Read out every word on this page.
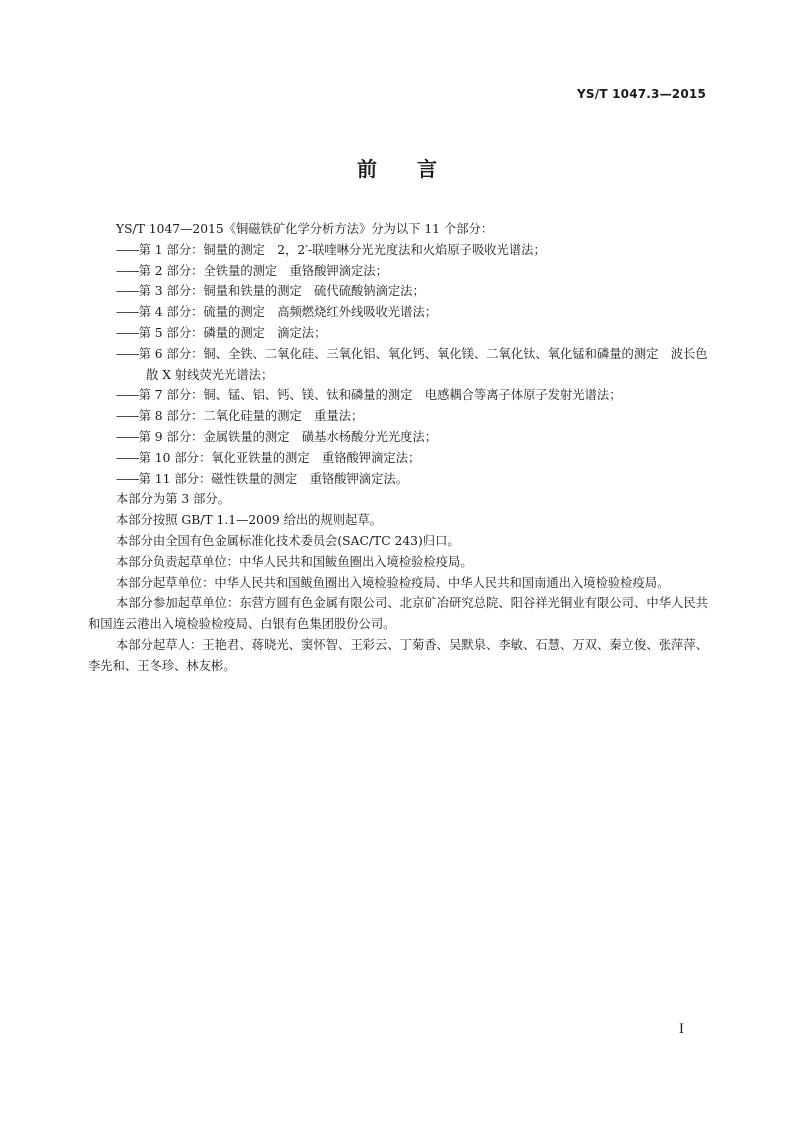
YS/T 1047.3—2015
前言

YS/T 1047—2015《铜磁铁矿化学分析方法》分为以下 11 个部分：

——第 1 部分：铜量的测定　2，2′-联喹啉分光光度法和火焰原子吸收光谱法；

——第 2 部分：全铁量的测定　重铬酸钾滴定法；

——第 3 部分：铜量和铁量的测定　硫代硫酸钠滴定法；

——第 4 部分：硫量的测定　高频燃烧红外线吸收光谱法；

——第 5 部分：磷量的测定　滴定法；

——第 6 部分：铜、全铁、二氧化硅、三氧化铝、氧化钙、氧化镁、二氧化钛、氧化锰和磷量的测定　波长色散 X 射线荧光光谱法；

——第 7 部分：铜、锰、铝、钙、镁、钛和磷量的测定　电感耦合等离子体原子发射光谱法；

——第 8 部分：二氧化硅量的测定　重量法；

——第 9 部分：金属铁量的测定　磺基水杨酸分光光度法；

——第 10 部分：氧化亚铁量的测定　重铬酸钾滴定法；

——第 11 部分：磁性铁量的测定　重铬酸钾滴定法。

本部分为第 3 部分。

本部分按照 GB/T 1.1—2009 给出的规则起草。

本部分由全国有色金属标准化技术委员会(SAC/TC 243)归口。

本部分负责起草单位：中华人民共和国鲅鱼圈出入境检验检疫局。

本部分起草单位：中华人民共和国鲅鱼圈出入境检验检疫局、中华人民共和国南通出入境检验检疫局。

本部分参加起草单位：东营方圆有色金属有限公司、北京矿冶研究总院、阳谷祥光铜业有限公司、中华人民共和国连云港出入境检验检疫局、白银有色集团股份公司。

本部分起草人：王艳君、蒋晓光、窦怀智、王彩云、丁菊香、吴默泉、李敏、石慧、万双、秦立俊、张萍萍、李先和、王冬珍、林友彬。

I
